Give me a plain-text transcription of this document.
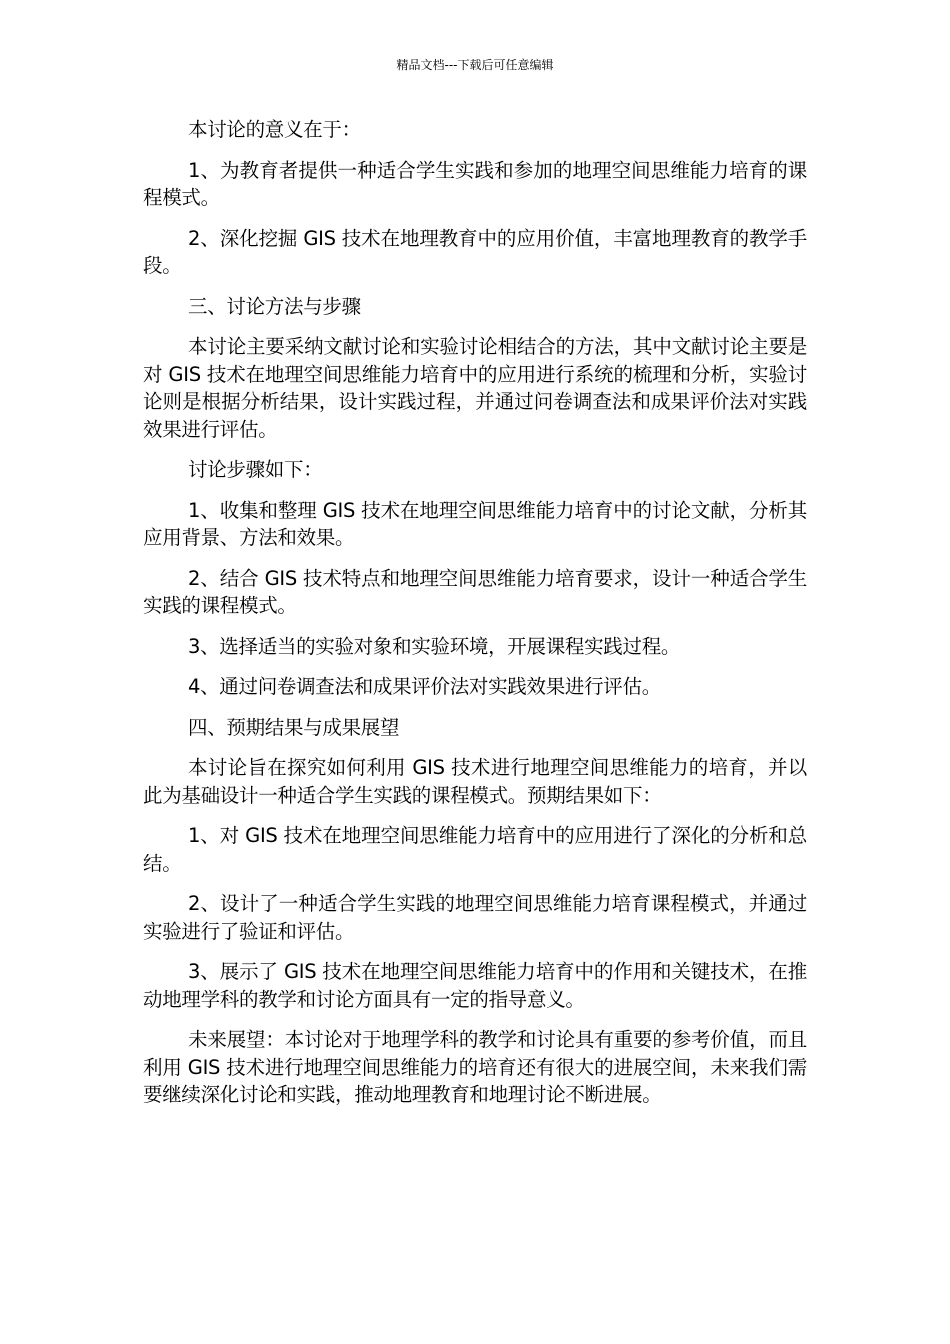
精品文档---下载后可任意编辑

本讨论的意义在于：

1、为教育者提供一种适合学生实践和参加的地理空间思维能力培育的课程模式。

2、深化挖掘 GIS 技术在地理教育中的应用价值，丰富地理教育的教学手段。

三、讨论方法与步骤

本讨论主要采纳文献讨论和实验讨论相结合的方法，其中文献讨论主要是对 GIS 技术在地理空间思维能力培育中的应用进行系统的梳理和分析，实验讨论则是根据分析结果，设计实践过程，并通过问卷调查法和成果评价法对实践效果进行评估。

讨论步骤如下：

1、收集和整理 GIS 技术在地理空间思维能力培育中的讨论文献，分析其应用背景、方法和效果。

2、结合 GIS 技术特点和地理空间思维能力培育要求，设计一种适合学生实践的课程模式。

3、选择适当的实验对象和实验环境，开展课程实践过程。

4、通过问卷调查法和成果评价法对实践效果进行评估。

四、预期结果与成果展望

本讨论旨在探究如何利用 GIS 技术进行地理空间思维能力的培育，并以此为基础设计一种适合学生实践的课程模式。预期结果如下：

1、对 GIS 技术在地理空间思维能力培育中的应用进行了深化的分析和总结。

2、设计了一种适合学生实践的地理空间思维能力培育课程模式，并通过实验进行了验证和评估。

3、展示了 GIS 技术在地理空间思维能力培育中的作用和关键技术，在推动地理学科的教学和讨论方面具有一定的指导意义。

未来展望：本讨论对于地理学科的教学和讨论具有重要的参考价值，而且利用 GIS 技术进行地理空间思维能力的培育还有很大的进展空间，未来我们需要继续深化讨论和实践，推动地理教育和地理讨论不断进展。
